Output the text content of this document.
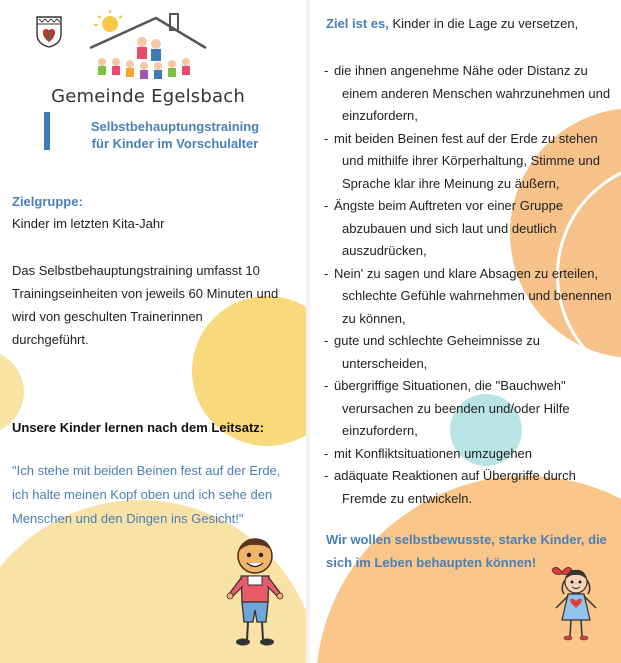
Gemeinde Egelsbach
Selbstbehauptungstraining
für Kinder im Vorschulalter
Zielgruppe:
Kinder im letzten Kita-Jahr
Das Selbstbehauptungstraining umfasst 10
Trainingseinheiten von jeweils 60 Minuten und
wird von geschulten Trainerinnen
durchgeführt.
Unsere Kinder lernen nach dem Leitsatz:
"Ich stehe mit beiden Beinen fest auf der Erde,
ich halte meinen Kopf oben und ich sehe den
Menschen und den Dingen ins Gesicht!"
Ziel ist es, Kinder in die Lage zu versetzen,
- die ihnen angenehme Nähe oder Distanz zu
einem anderen Menschen wahrzunehmen und
einzufordern,
- mit beiden Beinen fest auf der Erde zu stehen
und mithilfe ihrer Körperhaltung, Stimme und
Sprache klar ihre Meinung zu äußern,
- Ängste beim Auftreten vor einer Gruppe
abzubauen und sich laut und deutlich
auszudrücken,
- Nein' zu sagen und klare Absagen zu erteilen,
schlechte Gefühle wahrnehmen und benennen
zu können,
- gute und schlechte Geheimnisse zu
unterscheiden,
- übergriffige Situationen, die "Bauchweh"
verursachen zu beenden und/oder Hilfe
einzufordern,
- mit Konfliktsituationen umzugehen
- adäquate Reaktionen auf Übergriffe durch
Fremde zu entwickeln.
Wir wollen selbstbewusste, starke Kinder, die
sich im Leben behaupten können!
